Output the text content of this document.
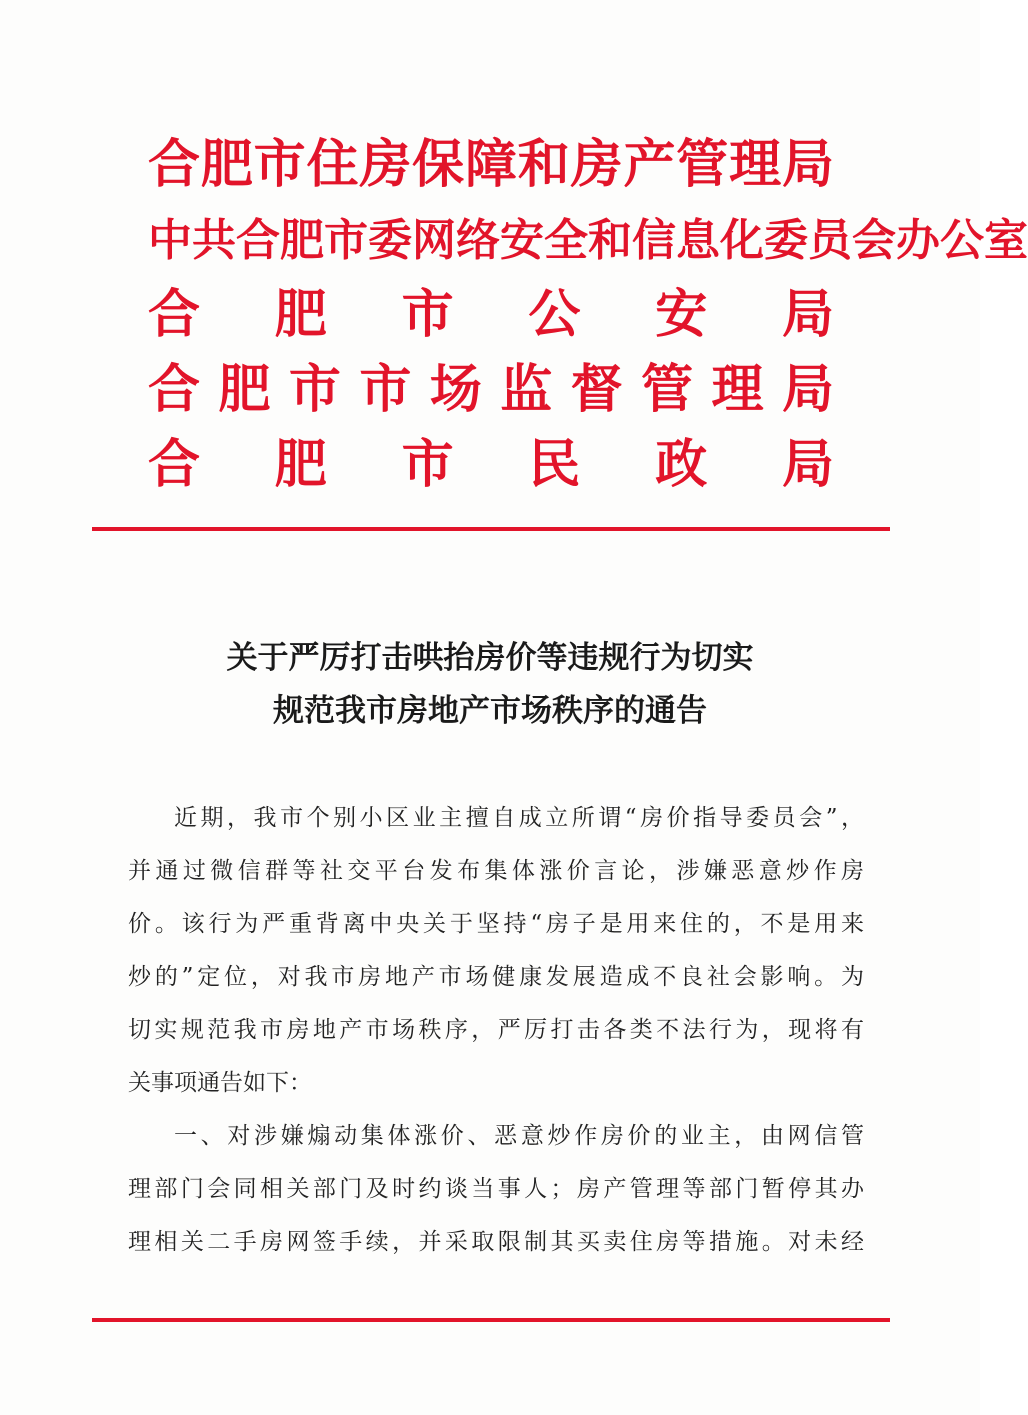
合 肥 市 住 房 保 障 和 房 产 管 理 局
中 共 合 肥 市 委 网 络 安 全 和 信 息 化 委 员 会 办 公 室
合 肥 市 公 安 局
合 肥 市 市 场 监 督 管 理 局
合 肥 市 民 政 局
关于严厉打击哄抬房价等违规行为切实
规范我市房地产市场秩序的通告
近期，我市个别小区业主擅自成立所谓“房价指导委员会”，
并通过微信群等社交平台发布集体涨价言论，涉嫌恶意炒作房
价。该行为严重背离中央关于坚持“房子是用来住的，不是用来
炒的”定位，对我市房地产市场健康发展造成不良社会影响。为
切实规范我市房地产市场秩序，严厉打击各类不法行为，现将有
关事项通告如下：
一、对涉嫌煽动集体涨价、恶意炒作房价的业主，由网信管
理部门会同相关部门及时约谈当事人；房产管理等部门暂停其办
理相关二手房网签手续，并采取限制其买卖住房等措施。对未经
